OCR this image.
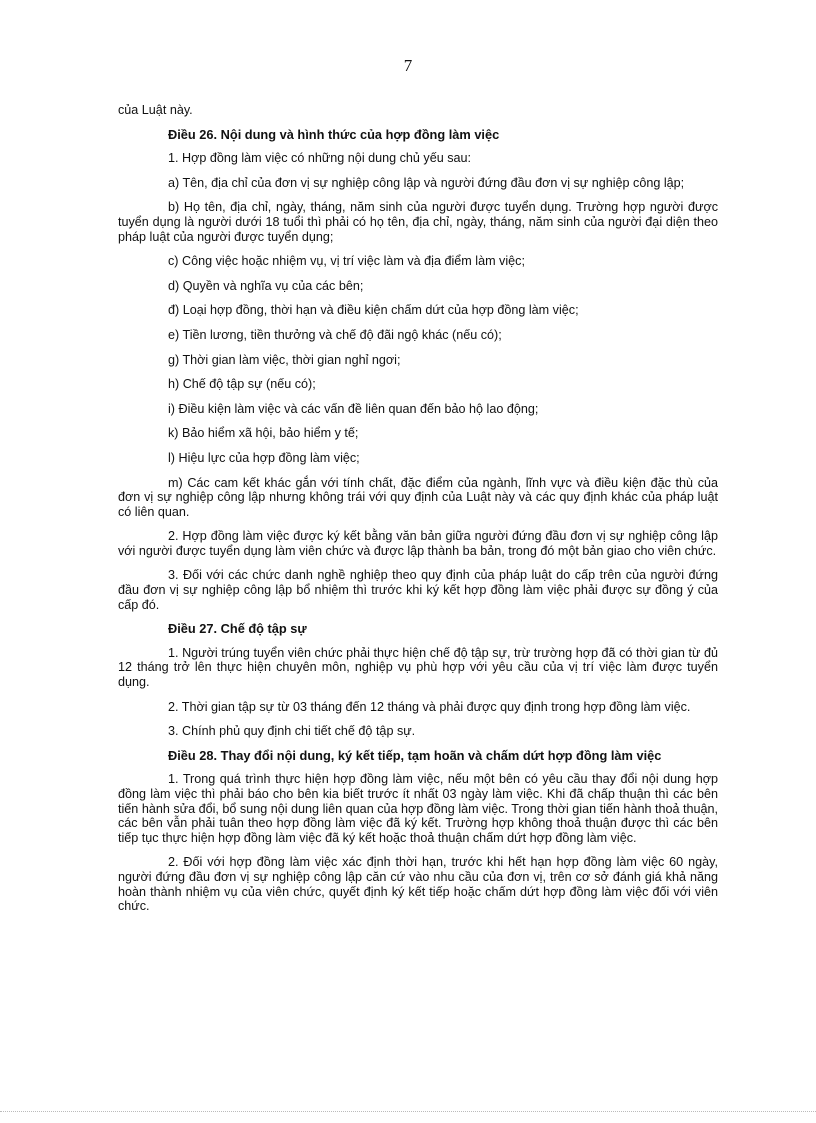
7

của Luật này.

Điều 26. Nội dung và hình thức của hợp đồng làm việc

1. Hợp đồng làm việc có những nội dung chủ yếu sau:

a) Tên, địa chỉ của đơn vị sự nghiệp công lập và người đứng đầu đơn vị sự nghiệp công lập;

b) Họ tên, địa chỉ, ngày, tháng, năm sinh của người được tuyển dụng. Trường hợp người được tuyển dụng là người dưới 18 tuổi thì phải có họ tên, địa chỉ, ngày, tháng, năm sinh của người đại diện theo pháp luật của người được tuyển dụng;

c) Công việc hoặc nhiệm vụ, vị trí việc làm và địa điểm làm việc;

d) Quyền và nghĩa vụ của các bên;

đ) Loại hợp đồng, thời hạn và điều kiện chấm dứt của hợp đồng làm việc;

e) Tiền lương, tiền thưởng và chế độ đãi ngộ khác (nếu có);

g) Thời gian làm việc, thời gian nghỉ ngơi;

h) Chế độ tập sự (nếu có);

i) Điều kiện làm việc và các vấn đề liên quan đến bảo hộ lao động;

k) Bảo hiểm xã hội, bảo hiểm y tế;

l) Hiệu lực của hợp đồng làm việc;

m) Các cam kết khác gắn với tính chất, đặc điểm của ngành, lĩnh vực và điều kiện đặc thù của đơn vị sự nghiệp công lập nhưng không trái với quy định của Luật này và các quy định khác của pháp luật có liên quan.

2. Hợp đồng làm việc được ký kết bằng văn bản giữa người đứng đầu đơn vị sự nghiệp công lập với người được tuyển dụng làm viên chức và được lập thành ba bản, trong đó một bản giao cho viên chức.

3. Đối với các chức danh nghề nghiệp theo quy định của pháp luật do cấp trên của người đứng đầu đơn vị sự nghiệp công lập bổ nhiệm thì trước khi ký kết hợp đồng làm việc phải được sự đồng ý của cấp đó.

Điều 27. Chế độ tập sự

1. Người trúng tuyển viên chức phải thực hiện chế độ tập sự, trừ trường hợp đã có thời gian từ đủ 12 tháng trở lên thực hiện chuyên môn, nghiệp vụ phù hợp với yêu cầu của vị trí việc làm được tuyển dụng.

2. Thời gian tập sự từ 03 tháng đến 12 tháng và phải được quy định trong hợp đồng làm việc.

3. Chính phủ quy định chi tiết chế độ tập sự.

Điều 28. Thay đổi nội dung, ký kết tiếp, tạm hoãn và chấm dứt hợp đồng làm việc

1. Trong quá trình thực hiện hợp đồng làm việc, nếu một bên có yêu cầu thay đổi nội dung hợp đồng làm việc thì phải báo cho bên kia biết trước ít nhất 03 ngày làm việc. Khi đã chấp thuận thì các bên tiến hành sửa đổi, bổ sung nội dung liên quan của hợp đồng làm việc. Trong thời gian tiến hành thoả thuận, các bên vẫn phải tuân theo hợp đồng làm việc đã ký kết. Trường hợp không thoả thuận được thì các bên tiếp tục thực hiện hợp đồng làm việc đã ký kết hoặc thoả thuận chấm dứt hợp đồng làm việc.

2. Đối với hợp đồng làm việc xác định thời hạn, trước khi hết hạn hợp đồng làm việc 60 ngày, người đứng đầu đơn vị sự nghiệp công lập căn cứ vào nhu cầu của đơn vị, trên cơ sở đánh giá khả năng hoàn thành nhiệm vụ của viên chức, quyết định ký kết tiếp hoặc chấm dứt hợp đồng làm việc đối với viên chức.
